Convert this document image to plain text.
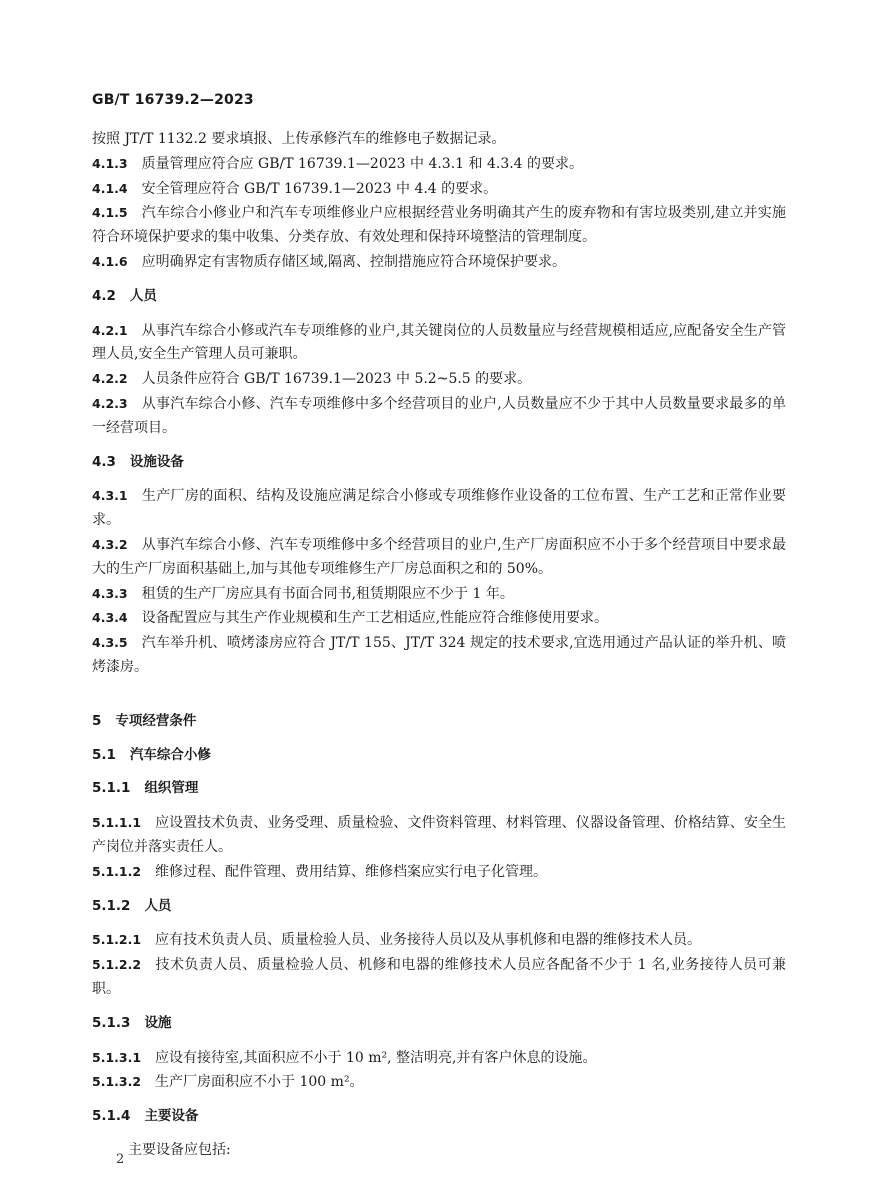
GB/T 16739.2—2023

按照 JT/T 1132.2 要求填报、上传承修汽车的维修电子数据记录。

4.1.3 质量管理应符合应 GB/T 16739.1—2023 中 4.3.1 和 4.3.4 的要求。

4.1.4 安全管理应符合 GB/T 16739.1—2023 中 4.4 的要求。

4.1.5 汽车综合小修业户和汽车专项维修业户应根据经营业务明确其产生的废弃物和有害垃圾类别,建立并实施符合环境保护要求的集中收集、分类存放、有效处理和保持环境整洁的管理制度。

4.1.6 应明确界定有害物质存储区域,隔离、控制措施应符合环境保护要求。

4.2 人员

4.2.1 从事汽车综合小修或汽车专项维修的业户,其关键岗位的人员数量应与经营规模相适应,应配备安全生产管理人员,安全生产管理人员可兼职。

4.2.2 人员条件应符合 GB/T 16739.1—2023 中 5.2~5.5 的要求。

4.2.3 从事汽车综合小修、汽车专项维修中多个经营项目的业户,人员数量应不少于其中人员数量要求最多的单一经营项目。

4.3 设施设备

4.3.1 生产厂房的面积、结构及设施应满足综合小修或专项维修作业设备的工位布置、生产工艺和正常作业要求。

4.3.2 从事汽车综合小修、汽车专项维修中多个经营项目的业户,生产厂房面积应不小于多个经营项目中要求最大的生产厂房面积基础上,加与其他专项维修生产厂房总面积之和的 50%。

4.3.3 租赁的生产厂房应具有书面合同书,租赁期限应不少于 1 年。

4.3.4 设备配置应与其生产作业规模和生产工艺相适应,性能应符合维修使用要求。

4.3.5 汽车举升机、喷烤漆房应符合 JT/T 155、JT/T 324 规定的技术要求,宜选用通过产品认证的举升机、喷烤漆房。

5 专项经营条件
5.1 汽车综合小修
5.1.1 组织管理

5.1.1.1 应设置技术负责、业务受理、质量检验、文件资料管理、材料管理、仪器设备管理、价格结算、安全生产岗位并落实责任人。

5.1.1.2 维修过程、配件管理、费用结算、维修档案应实行电子化管理。

5.1.2 人员

5.1.2.1 应有技术负责人员、质量检验人员、业务接待人员以及从事机修和电器的维修技术人员。

5.1.2.2 技术负责人员、质量检验人员、机修和电器的维修技术人员应各配备不少于 1 名,业务接待人员可兼职。

5.1.3 设施

5.1.3.1 应设有接待室,其面积应不小于 10 m², 整洁明亮,并有客户休息的设施。

5.1.3.2 生产厂房面积应不小于 100 m²。

5.1.4 主要设备

主要设备应包括:

2
